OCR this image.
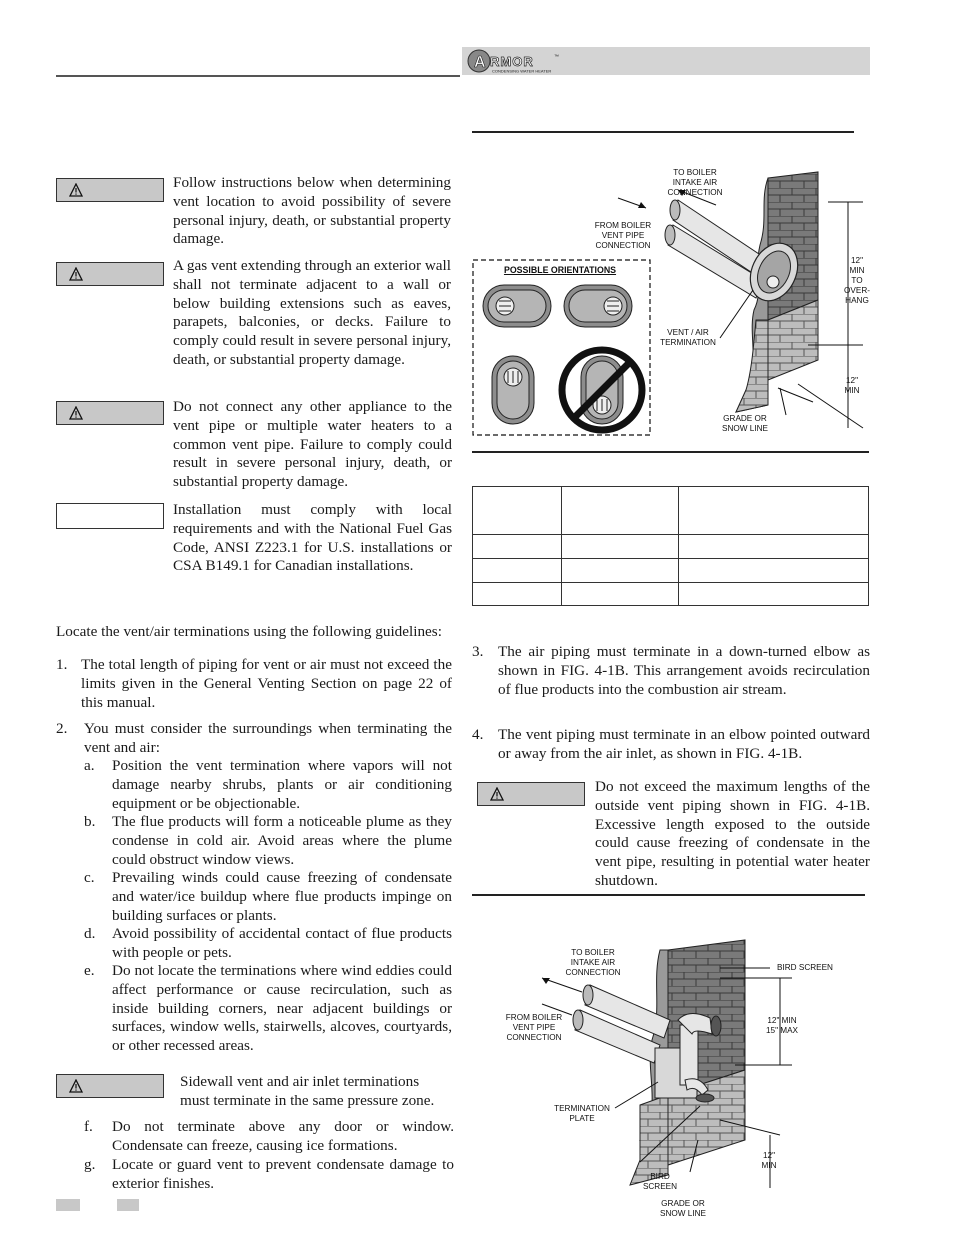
A RMOR
CONDENSING WATER HEATER
™
Follow instructions below when determining vent location to avoid possibility of severe personal injury, death, or substantial property damage.
A gas vent extending through an exterior wall shall not terminate adjacent to a wall or below building extensions such as eaves, parapets, balconies, or decks. Failure to comply could result in severe personal injury, death, or substantial property damage.
Do not connect any other appliance to the vent pipe or multiple water heaters to a common vent pipe. Failure to comply could result in severe personal injury, death, or substantial property damage.
Installation must comply with local requirements and with the National Fuel Gas Code, ANSI Z223.1 for U.S. installations or CSA B149.1 for Canadian installations.
Locate the vent/air terminations using the following guidelines:
1. The total length of piping for vent or air must not exceed the limits given in the General Venting Section on page 22 of this manual.
2. You must consider the surroundings when terminating the vent and air:
a. Position the vent termination where vapors will not damage nearby shrubs, plants or air conditioning equipment or be objectionable.
b. The flue products will form a noticeable plume as they condense in cold air. Avoid areas where the plume could obstruct window views.
c. Prevailing winds could cause freezing of condensate and water/ice buildup where flue products impinge on building surfaces or plants.
d. Avoid possibility of accidental contact of flue products with people or pets.
e. Do not locate the terminations where wind eddies could affect performance or cause recirculation, such as inside building corners, near adjacent buildings or surfaces, window wells, stairwells, alcoves, courtyards, or other recessed areas.
Sidewall vent and air inlet terminations must terminate in the same pressure zone.
f. Do not terminate above any door or window. Condensate can freeze, causing ice formations.
g. Locate or guard vent to prevent condensate damage to exterior finishes.
TO BOILER
INTAKE AIR
CONNECTION
FROM BOILER
VENT PIPE
CONNECTION
POSSIBLE ORIENTATIONS
VENT / AIR
TERMINATION
12"
MIN
TO
OVER-
HANG
12"
MIN
GRADE OR
SNOW LINE

3. The air piping must terminate in a down-turned elbow as shown in FIG. 4-1B. This arrangement avoids recirculation of flue products into the combustion air stream.
4. The vent piping must terminate in an elbow pointed outward or away from the air inlet, as shown in FIG. 4-1B.
Do not exceed the maximum lengths of the outside vent piping shown in FIG. 4-1B. Excessive length exposed to the outside could cause freezing of condensate in the vent pipe, resulting in potential water heater shutdown.
TO BOILER
INTAKE AIR
CONNECTION
FROM BOILER
VENT PIPE
CONNECTION
BIRD SCREEN
12" MIN
15" MAX
TERMINATION
PLATE
12"
MIN
BIRD
SCREEN
GRADE OR
SNOW LINE
